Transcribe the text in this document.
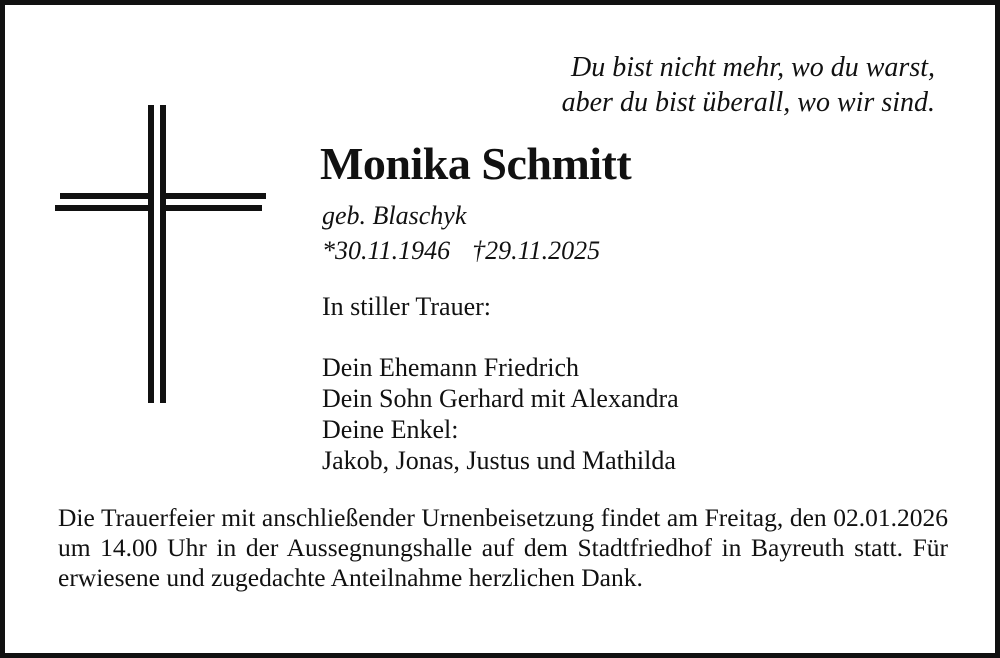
Du bist nicht mehr, wo du warst,
aber du bist überall, wo wir sind.
Monika Schmitt
geb. Blaschyk
*30.11.1946 †29.11.2025
In stiller Trauer:
Dein Ehemann Friedrich
Dein Sohn Gerhard mit Alexandra
Deine Enkel:
Jakob, Jonas, Justus und Mathilda
Die Trauerfeier mit anschließender Urnenbeisetzung findet am Freitag, den 02.01.2026 um 14.00 Uhr in der Aussegnungshalle auf dem Stadtfriedhof in Bayreuth statt. Für erwiesene und zugedachte Anteilnahme herzlichen Dank.
